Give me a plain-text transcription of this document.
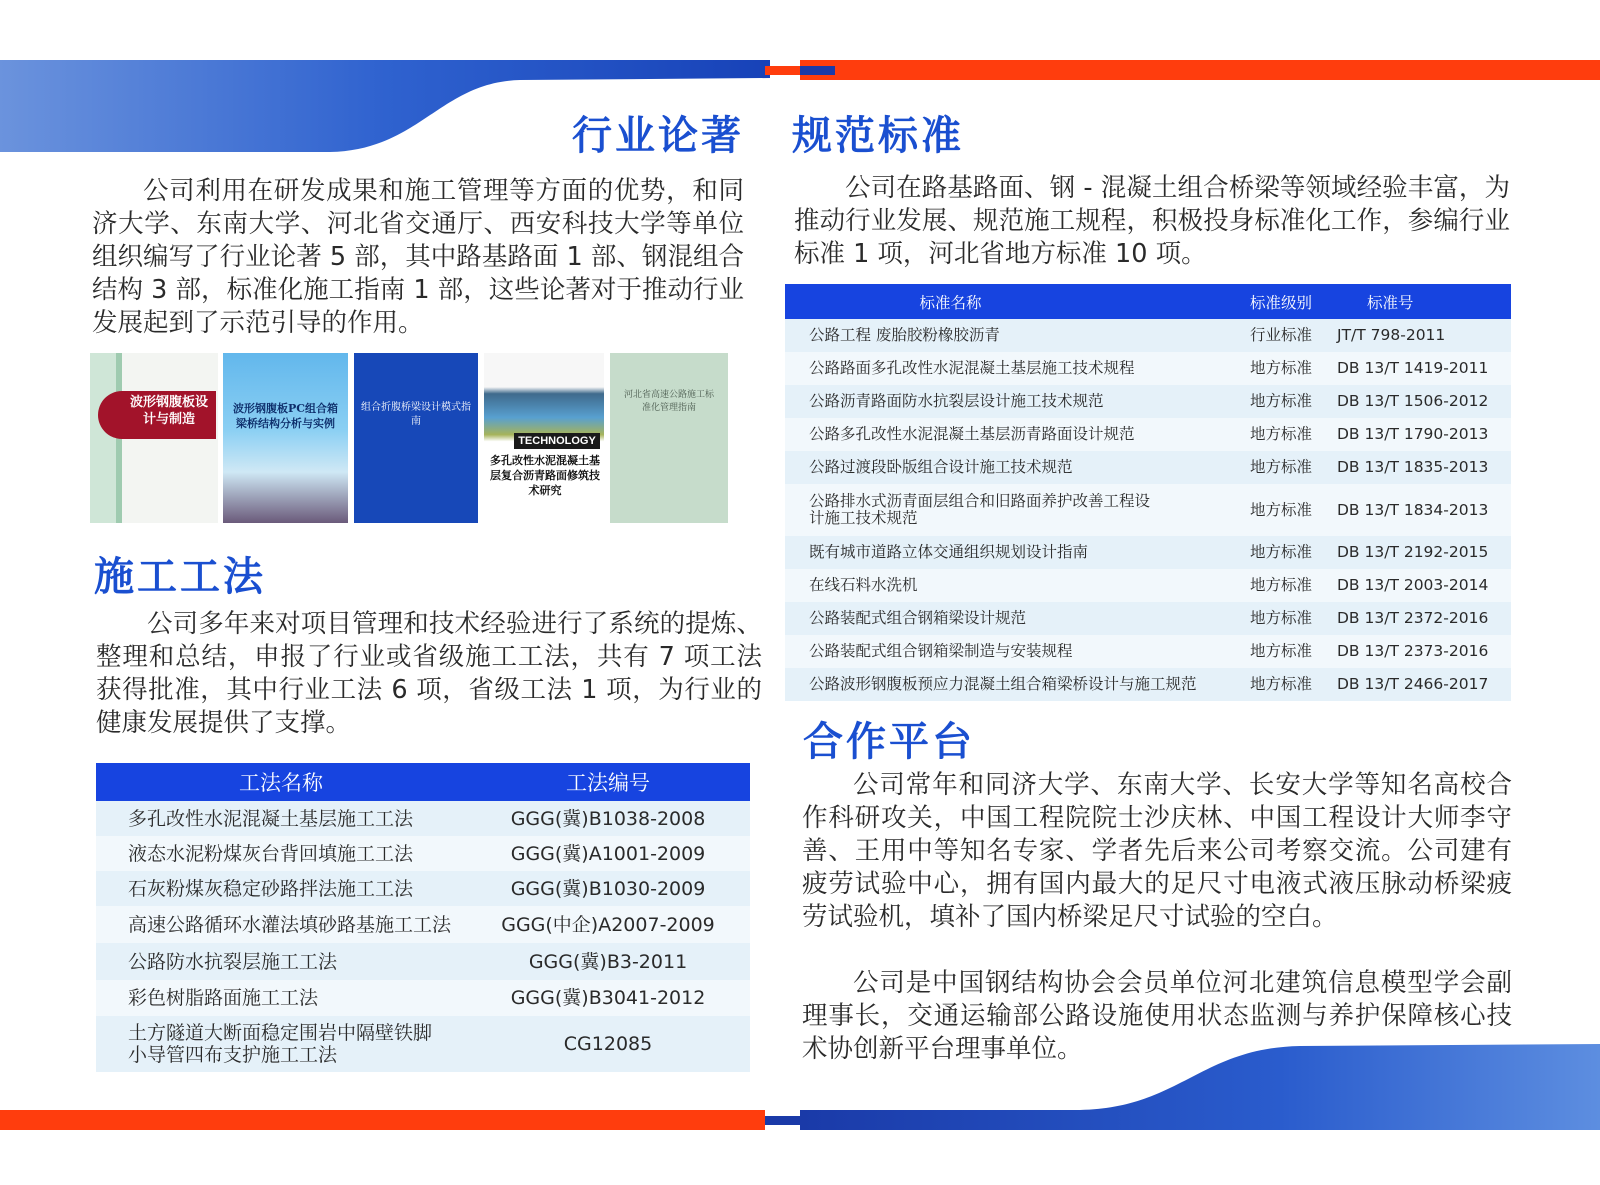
行业论著 规范标准
施工工法
合作平台

公司利用在研发成果和施工管理等方面的优势，和同济大学、东南大学、河北省交通厅、西安科技大学等单位组织编写了行业论著 5 部，其中路基路面 1 部、钢混组合结构 3 部，标准化施工指南 1 部，这些论著对于推动行业发展起到了示范引导的作用。

公司在路基路面、钢 - 混凝土组合桥梁等领域经验丰富，为推动行业发展、规范施工规程，积极投身标准化工作，参编行业标准 1 项，河北省地方标准 10 项。

公司多年来对项目管理和技术经验进行了系统的提炼、整理和总结，申报了行业或省级施工工法，共有 7 项工法获得批准，其中行业工法 6 项，省级工法 1 项，为行业的健康发展提供了支撑。

公司常年和同济大学、东南大学、长安大学等知名高校合作科研攻关，中国工程院院士沙庆林、中国工程设计大师李守善、王用中等知名专家、学者先后来公司考察交流。公司建有疲劳试验中心，拥有国内最大的足尺寸电液式液压脉动桥梁疲劳试验机，填补了国内桥梁足尺寸试验的空白。

公司是中国钢结构协会会员单位河北建筑信息模型学会副理事长，交通运输部公路设施使用状态监测与养护保障核心技术协创新平台理事单位。

波形钢腹板设计与制造
波形钢腹板PC组合箱梁桥结构分析与实例
组合折腹桥梁设计模式指南
TECHNOLOGY
多孔改性水泥混凝土基层复合沥青路面修筑技术研究
河北省高速公路施工标准化管理指南
标准名称	标准级别	标准号
公路工程 废胎胶粉橡胶沥青	行业标准	JT/T 798-2011
公路路面多孔改性水泥混凝土基层施工技术规程	地方标准	DB 13/T 1419-2011
公路沥青路面防水抗裂层设计施工技术规范	地方标准	DB 13/T 1506-2012
公路多孔改性水泥混凝土基层沥青路面设计规范	地方标准	DB 13/T 1790-2013
公路过渡段卧版组合设计施工技术规范	地方标准	DB 13/T 1835-2013
公路排水式沥青面层组合和旧路面养护改善工程设计施工技术规范	地方标准	DB 13/T 1834-2013
既有城市道路立体交通组织规划设计指南	地方标准	DB 13/T 2192-2015
在线石料水洗机	地方标准	DB 13/T 2003-2014
公路装配式组合钢箱梁设计规范	地方标准	DB 13/T 2372-2016
公路装配式组合钢箱梁制造与安装规程	地方标准	DB 13/T 2373-2016
公路波形钢腹板预应力混凝土组合箱梁桥设计与施工规范	地方标准	DB 13/T 2466-2017
工法名称	工法编号
多孔改性水泥混凝土基层施工工法	GGG(冀)B1038-2008
液态水泥粉煤灰台背回填施工工法	GGG(冀)A1001-2009
石灰粉煤灰稳定砂路拌法施工工法	GGG(冀)B1030-2009
高速公路循环水灌法填砂路基施工工法	GGG(中企)A2007-2009
公路防水抗裂层施工工法	GGG(冀)B3-2011
彩色树脂路面施工工法	GGG(冀)B3041-2012
土方隧道大断面稳定围岩中隔壁铁脚小导管四布支护施工工法	CG12085
